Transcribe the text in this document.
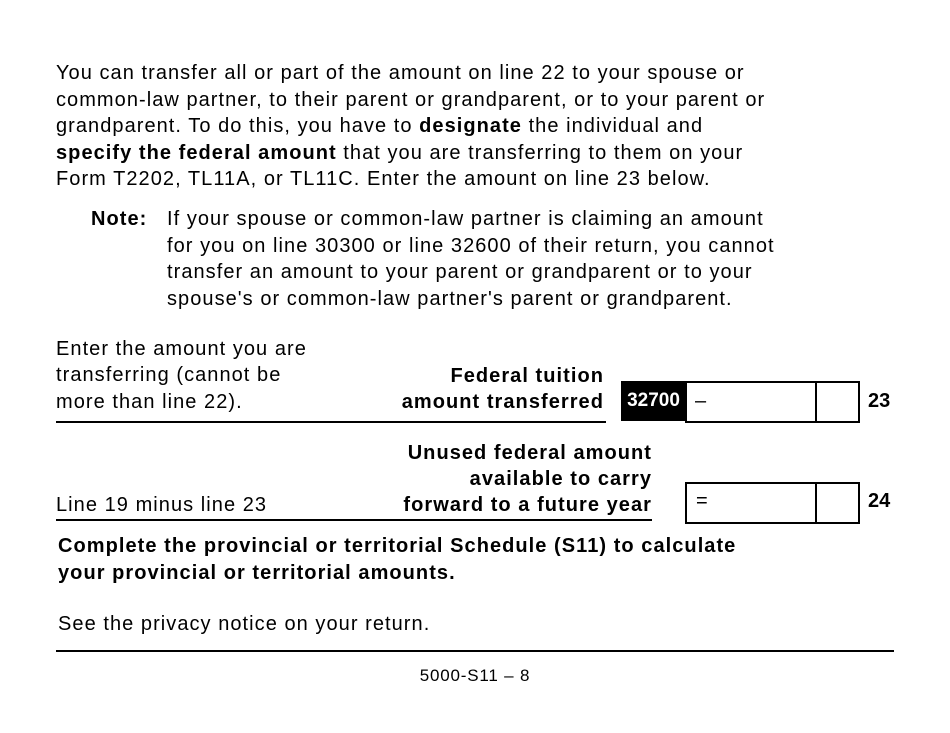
You can transfer all or part of the amount on line 22 to your spouse or
common-law partner, to their parent or grandparent, or to your parent or
grandparent. To do this, you have to designate the individual and
specify the federal amount that you are transferring to them on your
Form T2202, TL11A, or TL11C. Enter the amount on line 23 below.
Note: If your spouse or common-law partner is claiming an amount
for you on line 30300 or line 32600 of their return, you cannot
transfer an amount to your parent or grandparent or to your
spouse's or common-law partner's parent or grandparent.
Enter the amount you are
transferring (cannot be
more than line 22).
Federal tuition
amount transferred	32700 –	23
Unused federal amount
available to carry
forward to a future year
Line 19 minus line 23	=	24
Complete the provincial or territorial Schedule (S11) to calculate
your provincial or territorial amounts.
See the privacy notice on your return.
5000-S11 – 8
